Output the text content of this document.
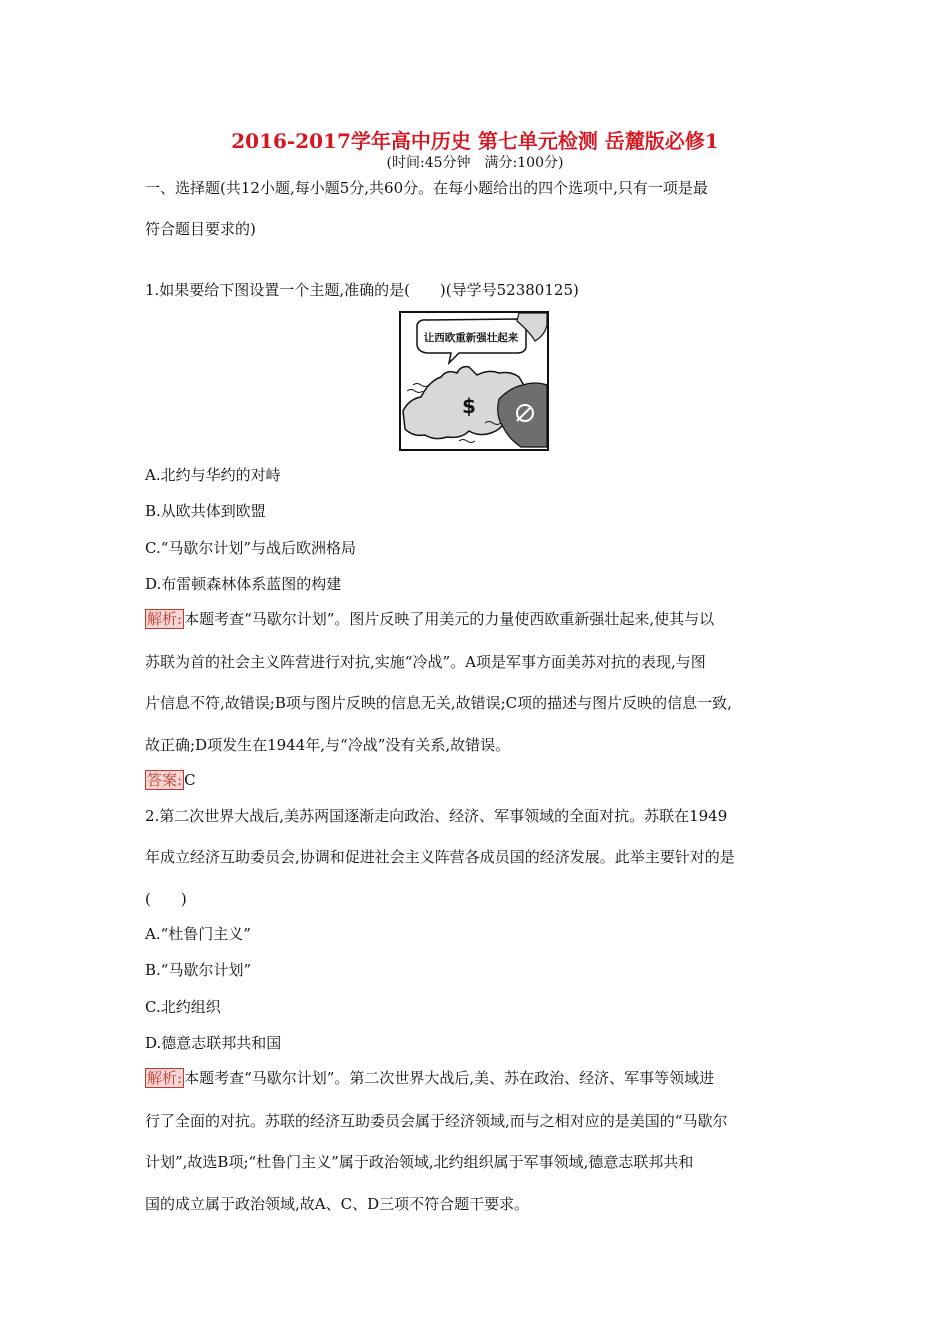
2016-2017学年高中历史 第七单元检测 岳麓版必修1
(时间:45分钟　满分:100分)
一、选择题(共12小题,每小题5分,共60分。在每小题给出的四个选项中,只有一项是最
符合题目要求的)
1.如果要给下图设置一个主题,准确的是(　　)(导学号52380125)
让西欧重新强壮起来
$
A.北约与华约的对峙
B.从欧共体到欧盟
C.“马歇尔计划”与战后欧洲格局
D.布雷顿森林体系蓝图的构建
解析: 本题考查“马歇尔计划”。图片反映了用美元的力量使西欧重新强壮起来,使其与以
苏联为首的社会主义阵营进行对抗,实施“冷战”。A项是军事方面美苏对抗的表现,与图
片信息不符,故错误;B项与图片反映的信息无关,故错误;C项的描述与图片反映的信息一致,
故正确;D项发生在1944年,与“冷战”没有关系,故错误。
答案: C
2.第二次世界大战后,美苏两国逐渐走向政治、经济、军事领域的全面对抗。苏联在1949
年成立经济互助委员会,协调和促进社会主义阵营各成员国的经济发展。此举主要针对的是
(　　)
A.“杜鲁门主义”
B.“马歇尔计划”
C.北约组织
D.德意志联邦共和国
解析: 本题考查“马歇尔计划”。第二次世界大战后,美、苏在政治、经济、军事等领域进
行了全面的对抗。苏联的经济互助委员会属于经济领域,而与之相对应的是美国的“马歇尔
计划”,故选B项;“杜鲁门主义”属于政治领域,北约组织属于军事领域,德意志联邦共和
国的成立属于政治领域,故A、C、D三项不符合题干要求。
